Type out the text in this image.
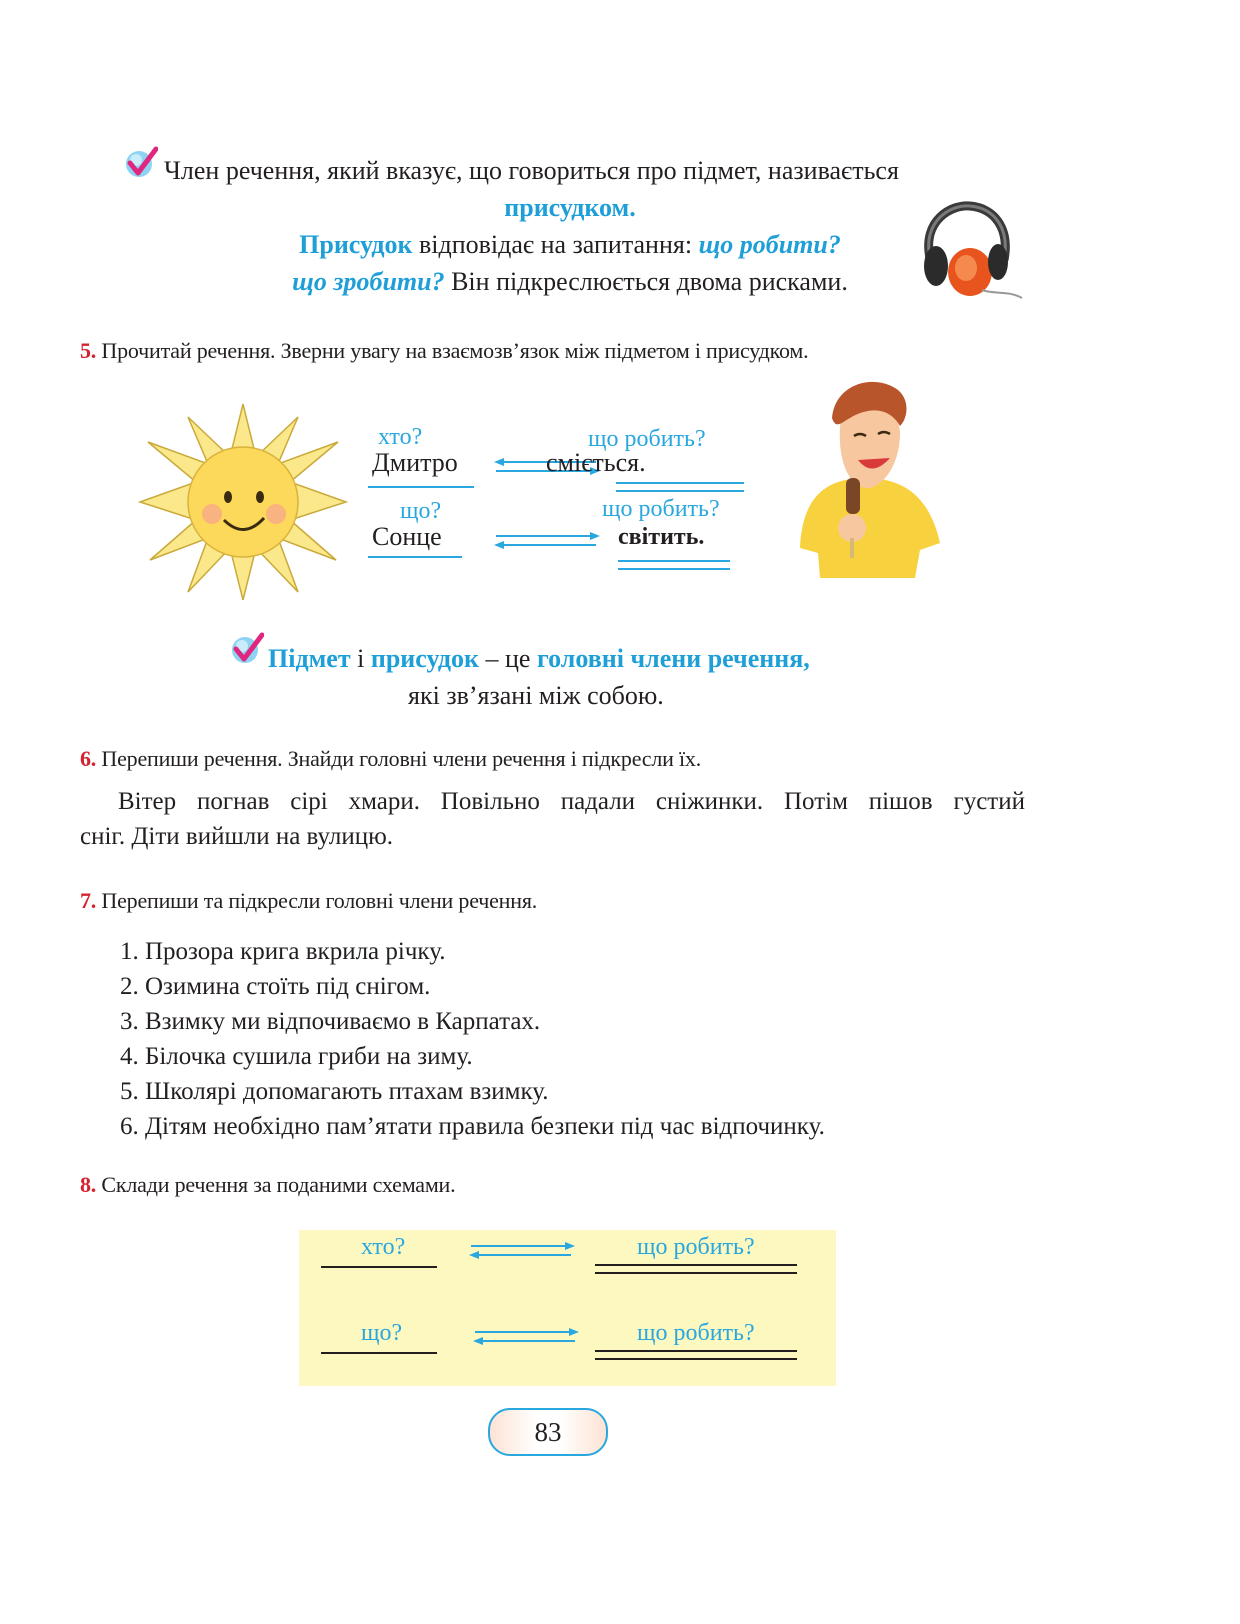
Член речення, який вказує, що говориться про підмет, називається
присудком.
Присудок відповідає на запитання: що робити?
що зробити? Він підкреслюється двома рисками.
5. Прочитай речення. Зверни увагу на взаємозв’язок між підметом і присудком.
хто?
Дмитро
що робить?
сміється.
що?
Сонце
що робить?
світить.
Підмет і присудок – це головні члени речення,
які зв’язані між собою.
6. Перепиши речення. Знайди головні члени речення і підкресли їх.
Вітер погнав сірі хмари. Повільно падали сніжинки. Потім пішов густий
сніг. Діти вийшли на вулицю.
7. Перепиши та підкресли головні члени речення.
1. Прозора крига вкрила річку.
2. Озимина стоїть під снігом.
3. Взимку ми відпочиваємо в Карпатах.
4. Білочка сушила гриби на зиму.
5. Школярі допомагають птахам взимку.
6. Дітям необхідно пам’ятати правила безпеки під час відпочинку.
8. Склади речення за поданими схемами.
хто?	що робить?
що?	що робить?
83
